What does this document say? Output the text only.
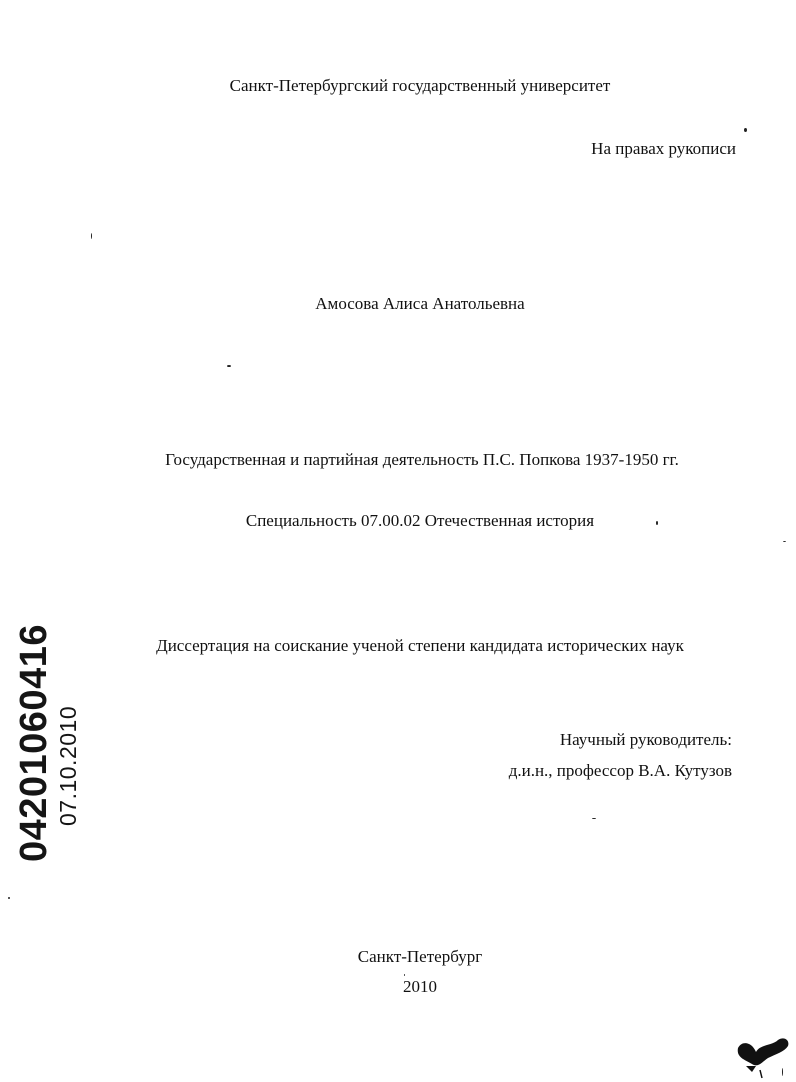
Санкт-Петербургский государственный университет
На правах рукописи
Амосова Алиса Анатольевна
Государственная и партийная деятельность П.С. Попкова 1937-1950 гг.
Специальность 07.00.02 Отечественная история
Диссертация на соискание ученой степени кандидата исторических наук
Научный руководитель:
д.и.н., профессор В.А. Кутузов
Санкт-Петербург
2010
04201060416 07.10.2010
